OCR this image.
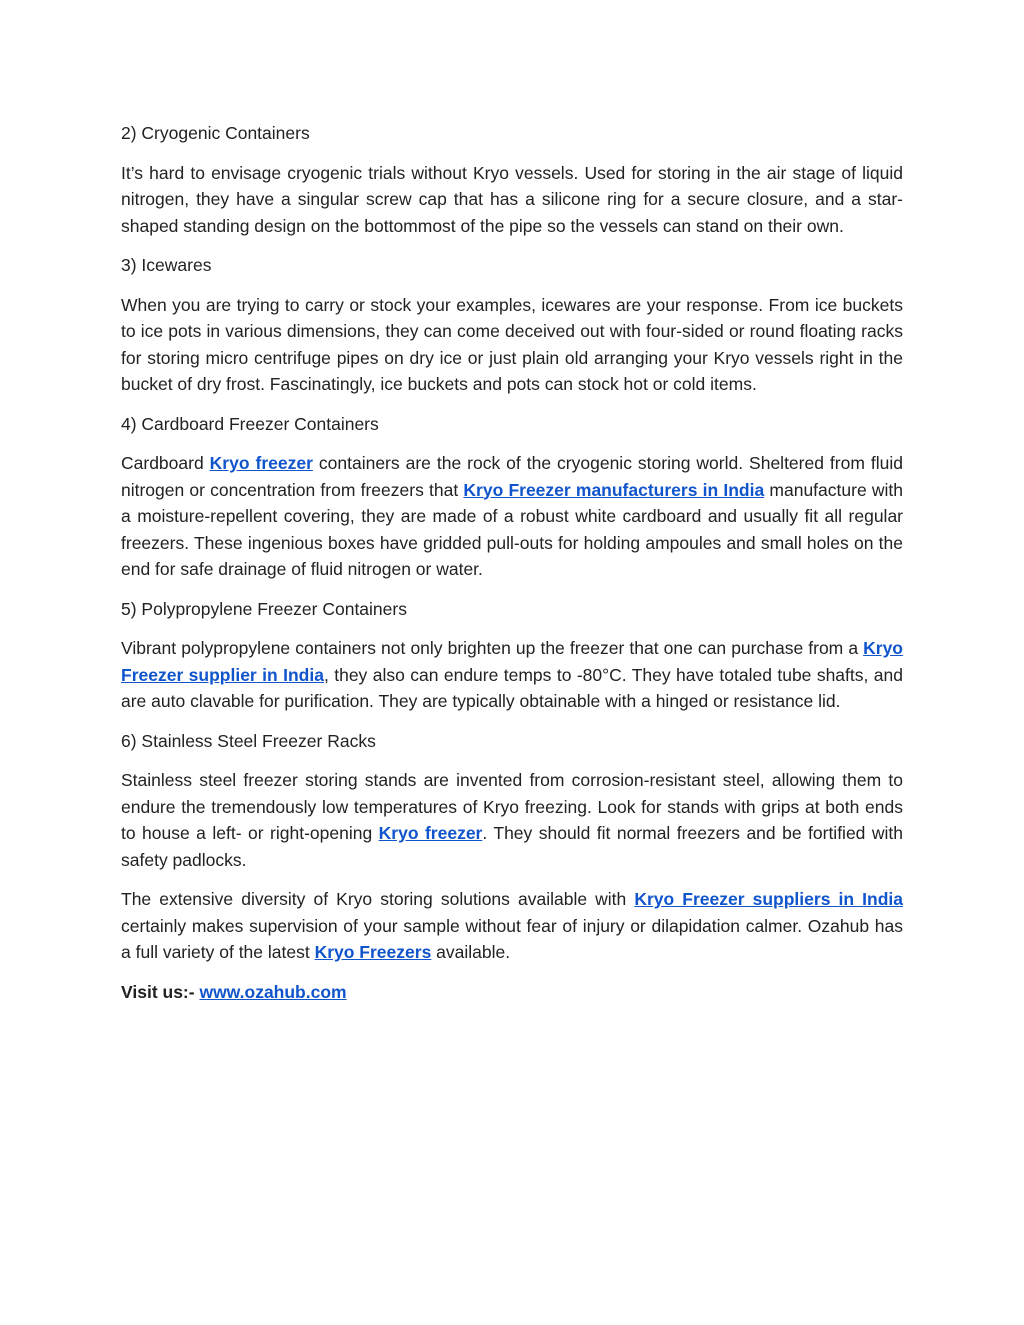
2) Cryogenic Containers

It’s hard to envisage cryogenic trials without Kryo vessels. Used for storing in the air stage of liquid nitrogen, they have a singular screw cap that has a silicone ring for a secure closure, and a star-shaped standing design on the bottommost of the pipe so the vessels can stand on their own.

3) Icewares

When you are trying to carry or stock your examples, icewares are your response. From ice buckets to ice pots in various dimensions, they can come deceived out with four-sided or round floating racks for storing micro centrifuge pipes on dry ice or just plain old arranging your Kryo vessels right in the bucket of dry frost. Fascinatingly, ice buckets and pots can stock hot or cold items.

4) Cardboard Freezer Containers

Cardboard Kryo freezer containers are the rock of the cryogenic storing world. Sheltered from fluid nitrogen or concentration from freezers that Kryo Freezer manufacturers in India manufacture with a moisture-repellent covering, they are made of a robust white cardboard and usually fit all regular freezers. These ingenious boxes have gridded pull-outs for holding ampoules and small holes on the end for safe drainage of fluid nitrogen or water.

5) Polypropylene Freezer Containers

Vibrant polypropylene containers not only brighten up the freezer that one can purchase from a Kryo Freezer supplier in India, they also can endure temps to -80°C. They have totaled tube shafts, and are auto clavable for purification. They are typically obtainable with a hinged or resistance lid.

6) Stainless Steel Freezer Racks

Stainless steel freezer storing stands are invented from corrosion-resistant steel, allowing them to endure the tremendously low temperatures of Kryo freezing. Look for stands with grips at both ends to house a left- or right-opening Kryo freezer. They should fit normal freezers and be fortified with safety padlocks.

The extensive diversity of Kryo storing solutions available with Kryo Freezer suppliers in India certainly makes supervision of your sample without fear of injury or dilapidation calmer. Ozahub has a full variety of the latest Kryo Freezers available.

Visit us:- www.ozahub.com
